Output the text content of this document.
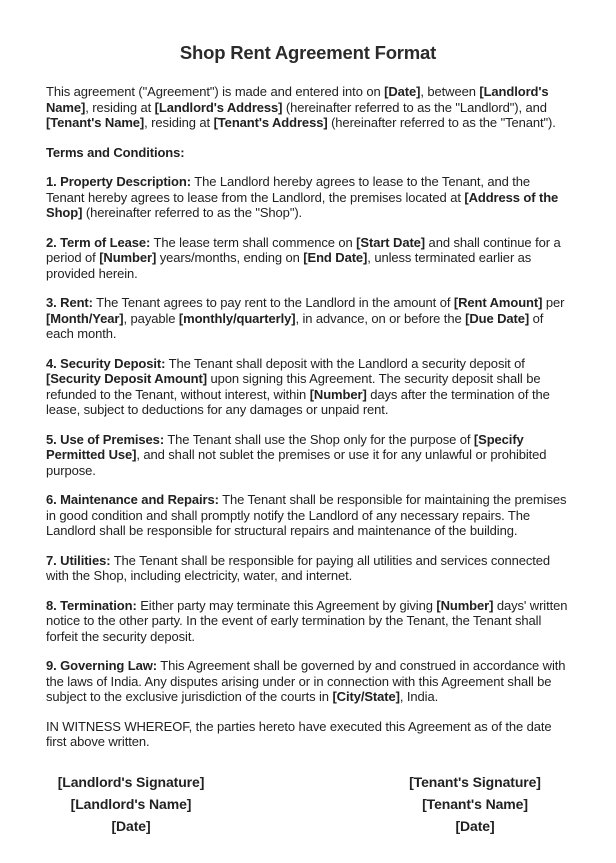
Shop Rent Agreement Format

This agreement ("Agreement") is made and entered into on [Date], between [Landlord's Name], residing at [Landlord's Address] (hereinafter referred to as the "Landlord"), and [Tenant's Name], residing at [Tenant's Address] (hereinafter referred to as the "Tenant").

Terms and Conditions:

1. Property Description: The Landlord hereby agrees to lease to the Tenant, and the Tenant hereby agrees to lease from the Landlord, the premises located at [Address of the Shop] (hereinafter referred to as the "Shop").

2. Term of Lease: The lease term shall commence on [Start Date] and shall continue for a period of [Number] years/months, ending on [End Date], unless terminated earlier as provided herein.

3. Rent: The Tenant agrees to pay rent to the Landlord in the amount of [Rent Amount] per [Month/Year], payable [monthly/quarterly], in advance, on or before the [Due Date] of each month.

4. Security Deposit: The Tenant shall deposit with the Landlord a security deposit of [Security Deposit Amount] upon signing this Agreement. The security deposit shall be refunded to the Tenant, without interest, within [Number] days after the termination of the lease, subject to deductions for any damages or unpaid rent.

5. Use of Premises: The Tenant shall use the Shop only for the purpose of [Specify Permitted Use], and shall not sublet the premises or use it for any unlawful or prohibited purpose.

6. Maintenance and Repairs: The Tenant shall be responsible for maintaining the premises in good condition and shall promptly notify the Landlord of any necessary repairs. The Landlord shall be responsible for structural repairs and maintenance of the building.

7. Utilities: The Tenant shall be responsible for paying all utilities and services connected with the Shop, including electricity, water, and internet.

8. Termination: Either party may terminate this Agreement by giving [Number] days' written notice to the other party. In the event of early termination by the Tenant, the Tenant shall forfeit the security deposit.

9. Governing Law: This Agreement shall be governed by and construed in accordance with the laws of India. Any disputes arising under or in connection with this Agreement shall be subject to the exclusive jurisdiction of the courts in [City/State], India.

IN WITNESS WHEREOF, the parties hereto have executed this Agreement as of the date first above written.

[Landlord's Signature]
[Landlord's Name]
[Date]
[Tenant's Signature]
[Tenant's Name]
[Date]
